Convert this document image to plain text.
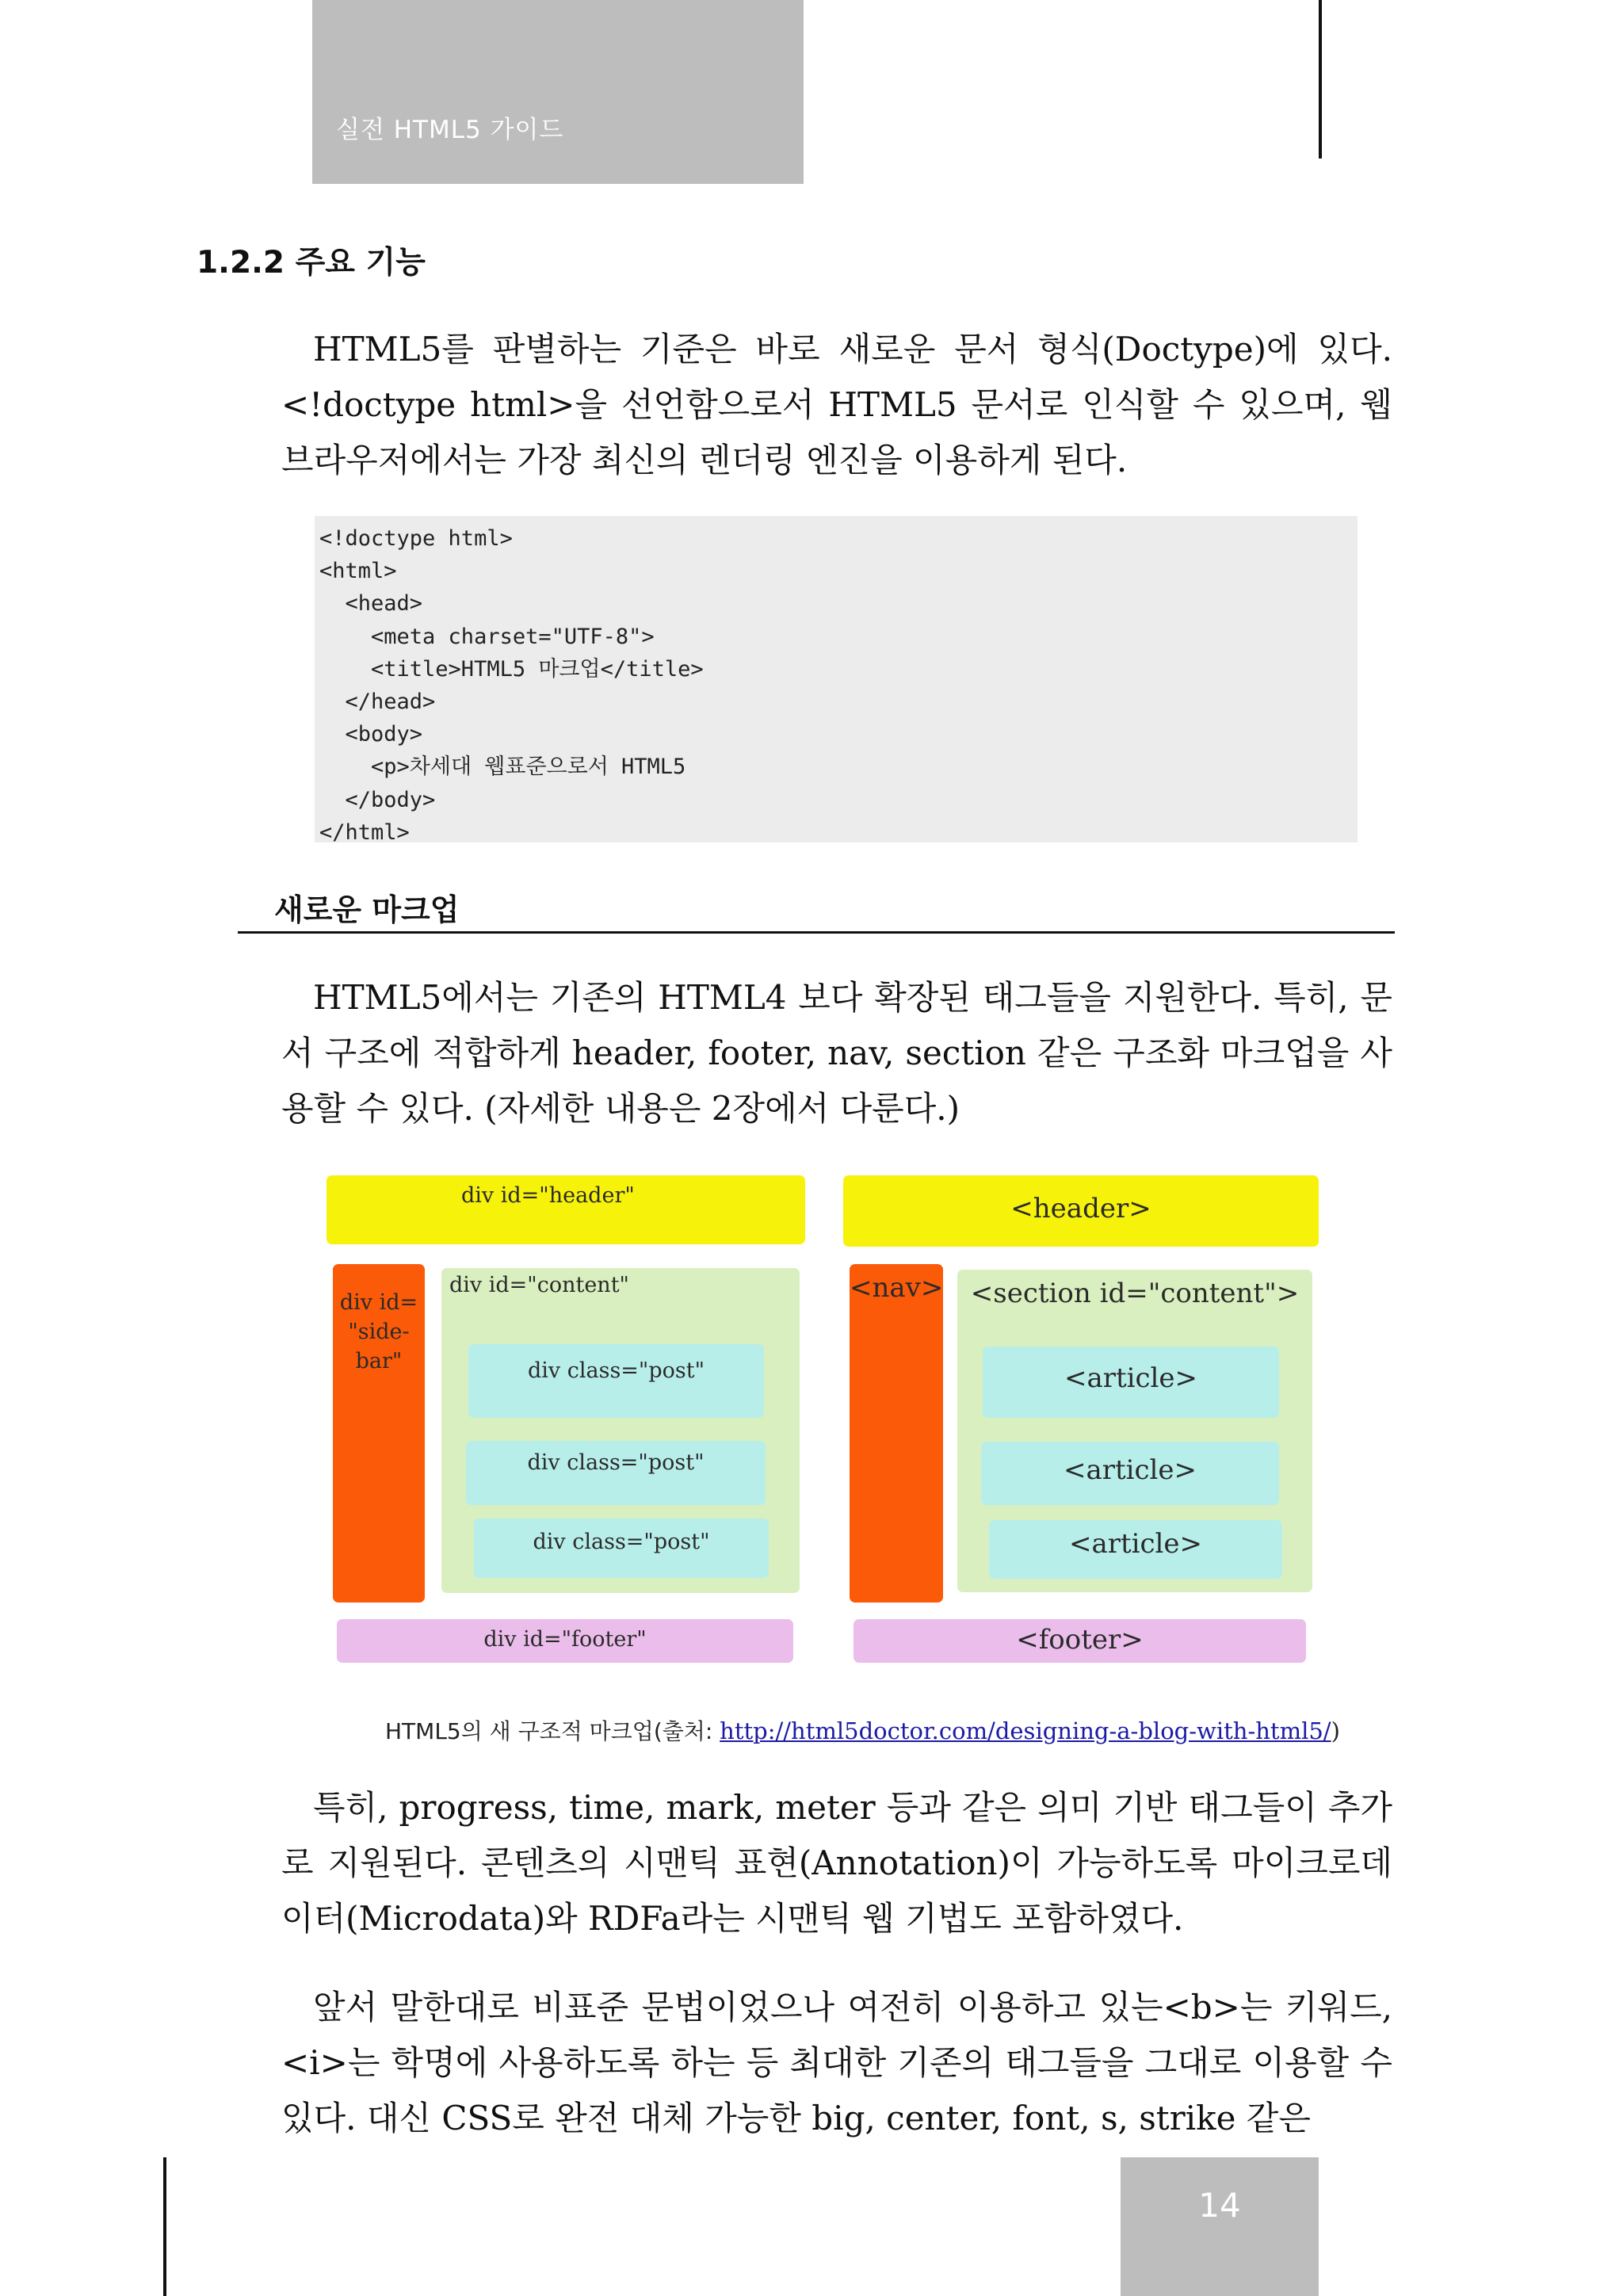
실전 HTML5 가이드
1.2.2 주요 기능

HTML5를 판별하는 기준은 바로 새로운 문서 형식(Doctype)에 있다. <!doctype html>을 선언함으로서 HTML5 문서로 인식할 수 있으며, 웹 브라우저에서는 가장 최신의 렌더링 엔진을 이용하게 된다.

<!doctype html>
<html>
<head>
<meta charset="UTF-8">
<title>HTML5 마크업</title>
</head>
<body>
<p>차세대 웹표준으로서 HTML5
</body>
</html>
새로운 마크업

HTML5에서는 기존의 HTML4 보다 확장된 태그들을 지원한다. 특히, 문서 구조에 적합하게 header, footer, nav, section 같은 구조화 마크업을 사용할 수 있다. (자세한 내용은 2장에서 다룬다.)

div id="header"
div id=
"side-
bar"
div id="content"
div class="post"
div class="post"
div class="post"
div id="footer"
<header>
<nav>	<section id="content">
<article>
<article>
<article>
<footer>
HTML5의 새 구조적 마크업(출처: http://html5doctor.com/designing-a-blog-with-html5/)

특히, progress, time, mark, meter 등과 같은 의미 기반 태그들이 추가로 지원된다. 콘텐츠의 시맨틱 표현(Annotation)이 가능하도록 마이크로데이터(Microdata)와 RDFa라는 시맨틱 웹 기법도 포함하였다.

앞서 말한대로 비표준 문법이었으나 여전히 이용하고 있는<b>는 키워드,<i>는 학명에 사용하도록 하는 등 최대한 기존의 태그들을 그대로 이용할 수 있다. 대신 CSS로 완전 대체 가능한 big, center, font, s, strike 같은

14
